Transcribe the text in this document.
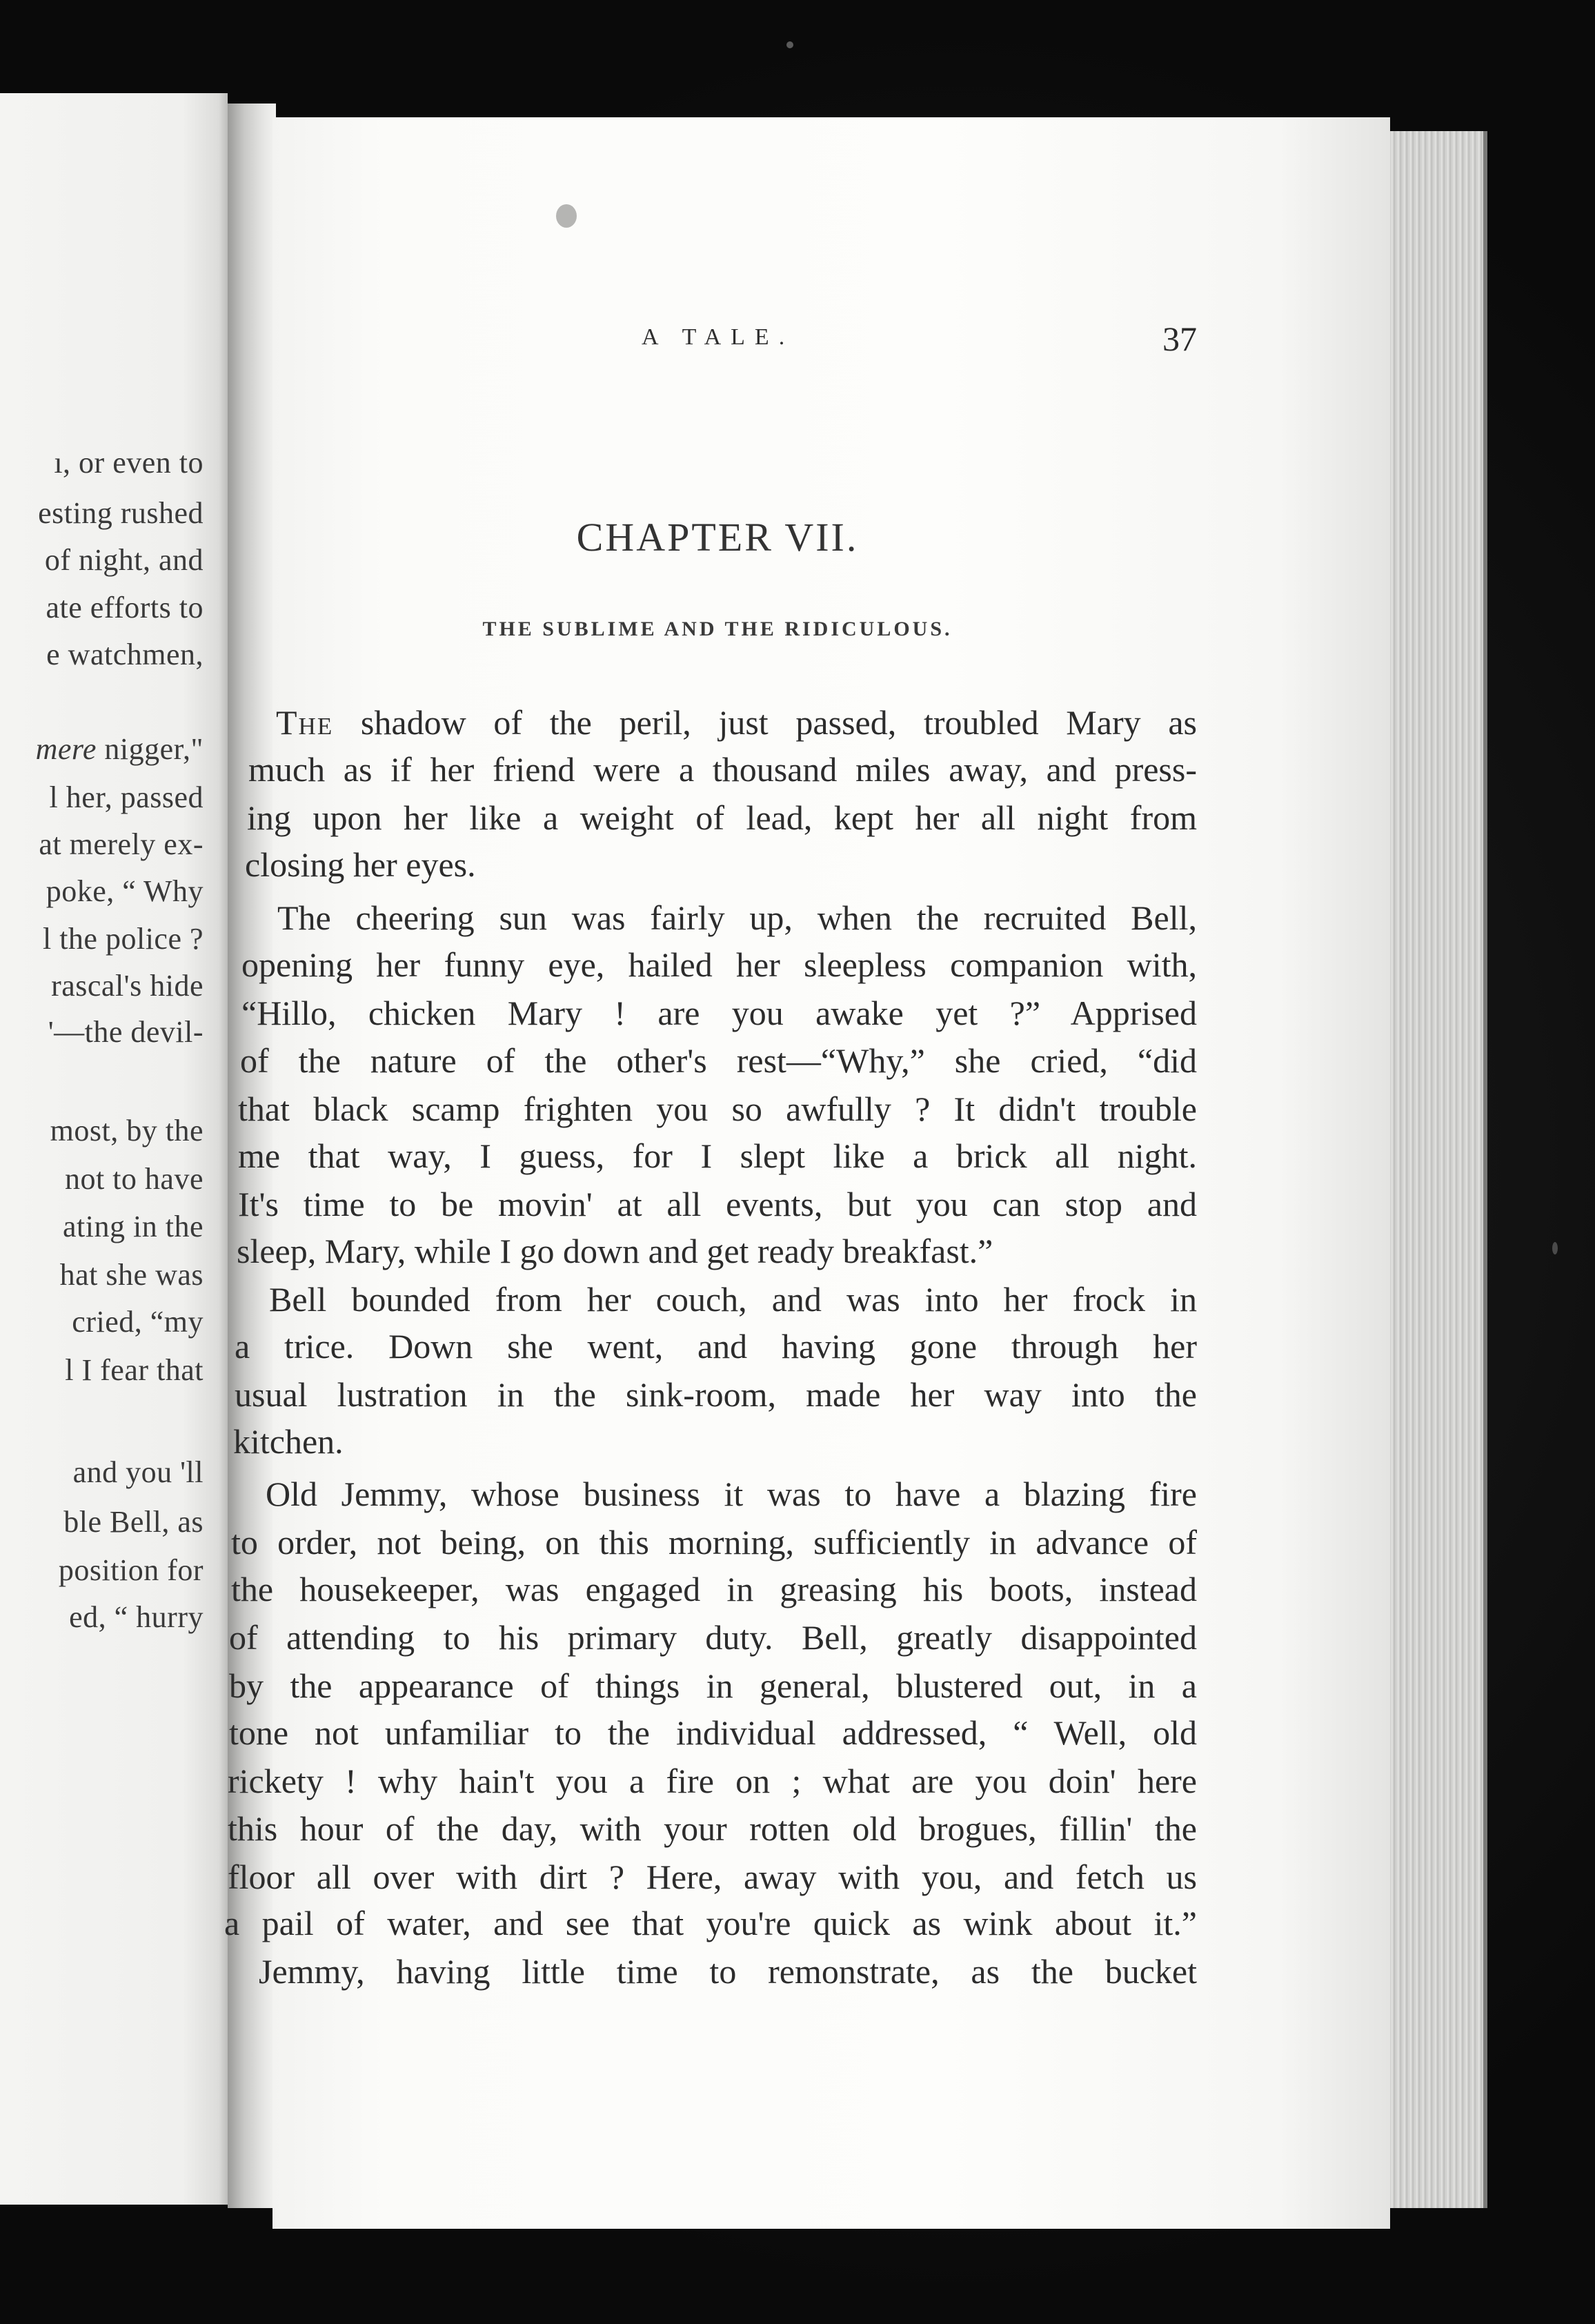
A TALE.	37
CHAPTER VII.
THE SUBLIME AND THE RIDICULOUS.
ı, or even to
esting rushed
of night, and
ate efforts to
e watchmen,
mere nigger,"
l her, passed
at merely ex-
poke, “ Why
l the police ?
rascal's hide
'—the devil-
most, by the
not to have
ating in the
hat she was
cried, “my
l I fear that
and you 'll
ble Bell, as
position for
ed, “ hurry
The shadow of the peril, just passed, troubled Mary as
much as if her friend were a thousand miles away, and press-
ing upon her like a weight of lead, kept her all night from
closing her eyes.
The cheering sun was fairly up, when the recruited Bell,
opening her funny eye, hailed her sleepless companion with,
“Hillo, chicken Mary ! are you awake yet ?” Apprised
of the nature of the other's rest—“Why,” she cried, “did
that black scamp frighten you so awfully ? It didn't trouble
me that way, I guess, for I slept like a brick all night.
It's time to be movin' at all events, but you can stop and
sleep, Mary, while I go down and get ready breakfast.”
Bell bounded from her couch, and was into her frock in
a trice. Down she went, and having gone through her
usual lustration in the sink-room, made her way into the
kitchen.
Old Jemmy, whose business it was to have a blazing fire
to order, not being, on this morning, sufficiently in advance of
the housekeeper, was engaged in greasing his boots, instead
of attending to his primary duty. Bell, greatly disappointed
by the appearance of things in general, blustered out, in a
tone not unfamiliar to the individual addressed, “ Well, old
rickety ! why hain't you a fire on ; what are you doin' here
this hour of the day, with your rotten old brogues, fillin' the
floor all over with dirt ? Here, away with you, and fetch us
a pail of water, and see that you're quick as wink about it.”
Jemmy, having little time to remonstrate, as the bucket
